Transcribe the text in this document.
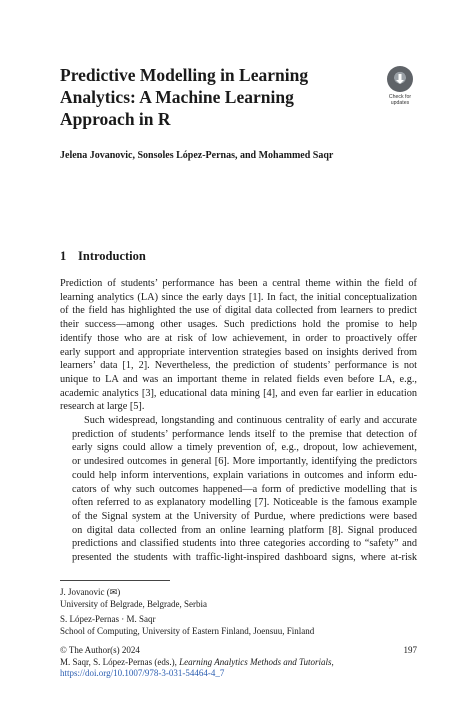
Predictive Modelling in Learning
Analytics: A Machine Learning
Approach in R
Check for
updates

Jelena Jovanovic, Sonsoles López-Pernas, and Mohammed Saqr

1 Introduction

Prediction of students’ performance has been a central theme within the field of
learning analytics (LA) since the early days [1]. In fact, the initial conceptualization
of the field has highlighted the use of digital data collected from learners to predict
their success—among other usages. Such predictions hold the promise to help
identify those who are at risk of low achievement, in order to proactively offer
early support and appropriate intervention strategies based on insights derived from
learners’ data [1, 2]. Nevertheless, the prediction of students’ performance is not
unique to LA and was an important theme in related fields even before LA, e.g.,
academic analytics [3], educational data mining [4], and even far earlier in education
research at large [5].

Such widespread, longstanding and continuous centrality of early and accurate
prediction of students’ performance lends itself to the premise that detection of
early signs could allow a timely prevention of, e.g., dropout, low achievement,
or undesired outcomes in general [6]. More importantly, identifying the predictors
could help inform interventions, explain variations in outcomes and inform edu-
cators of why such outcomes happened—a form of predictive modelling that is
often referred to as explanatory modelling [7]. Noticeable is the famous example
of the Signal system at the University of Purdue, where predictions were based
on digital data collected from an online learning platform [8]. Signal produced
predictions and classified students into three categories according to “safety” and
presented the students with traffic-light-inspired dashboard signs, where at-risk

J. Jovanovic (✉)
University of Belgrade, Belgrade, Serbia

S. López-Pernas · M. Saqr
School of Computing, University of Eastern Finland, Joensuu, Finland

© The Author(s) 2024
M. Saqr, S. López-Pernas (eds.), Learning Analytics Methods and Tutorials,
https://doi.org/10.1007/978-3-031-54464-4_7

197
